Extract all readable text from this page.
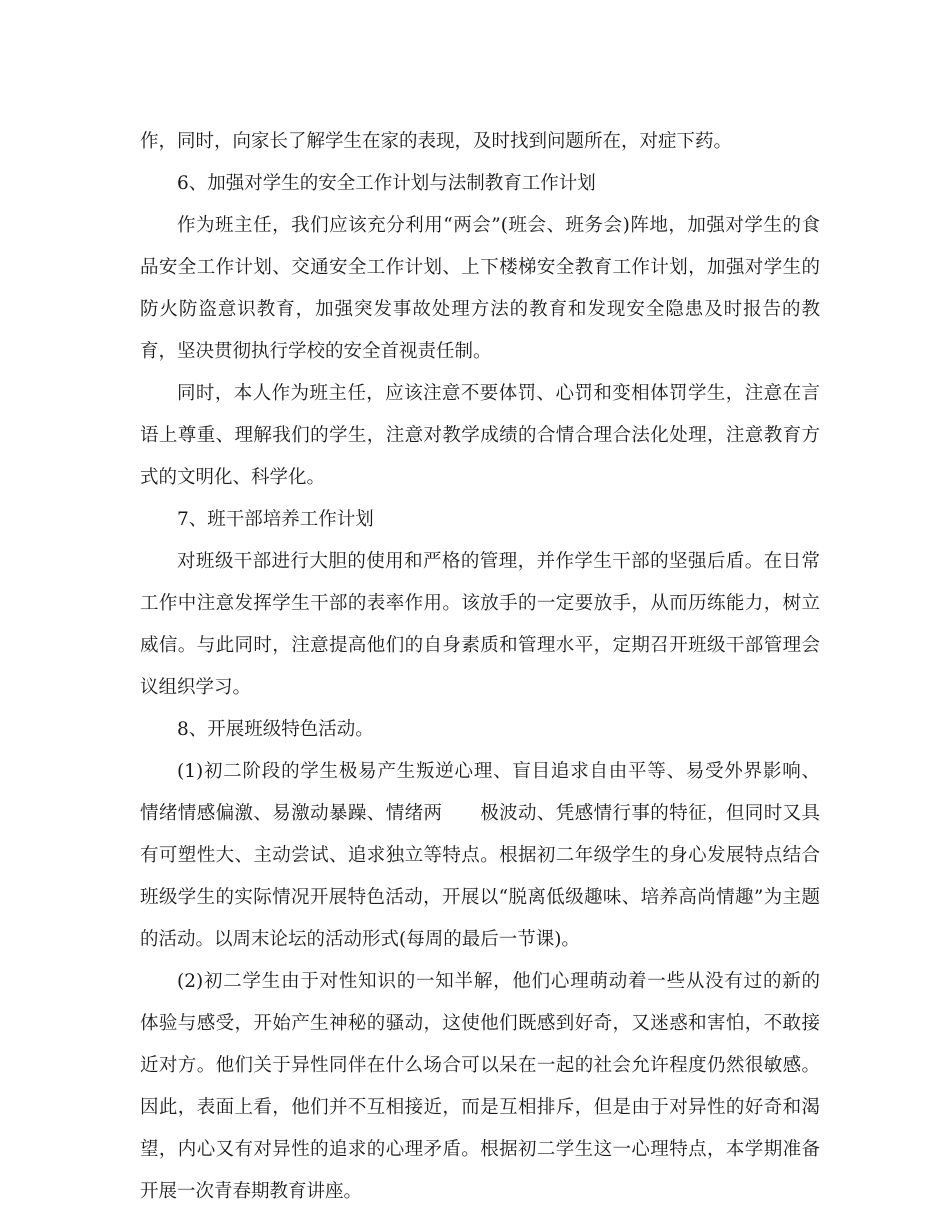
作，同时，向家长了解学生在家的表现，及时找到问题所在，对症下药。
6、加强对学生的安全工作计划与法制教育工作计划
作为班主任，我们应该充分利用“两会”(班会、班务会)阵地，加强对学生的食
品安全工作计划、交通安全工作计划、上下楼梯安全教育工作计划，加强对学生的
防火防盗意识教育，加强突发事故处理方法的教育和发现安全隐患及时报告的教
育，坚决贯彻执行学校的安全首视责任制。
同时，本人作为班主任，应该注意不要体罚、心罚和变相体罚学生，注意在言
语上尊重、理解我们的学生，注意对教学成绩的合情合理合法化处理，注意教育方
式的文明化、科学化。
7、班干部培养工作计划
对班级干部进行大胆的使用和严格的管理，并作学生干部的坚强后盾。在日常
工作中注意发挥学生干部的表率作用。该放手的一定要放手，从而历练能力，树立
威信。与此同时，注意提高他们的自身素质和管理水平，定期召开班级干部管理会
议组织学习。
8、开展班级特色活动。
(1)初二阶段的学生极易产生叛逆心理、盲目追求自由平等、易受外界影响、
情绪情感偏激、易激动暴躁、情绪两　　极波动、凭感情行事的特征，但同时又具
有可塑性大、主动尝试、追求独立等特点。根据初二年级学生的身心发展特点结合
班级学生的实际情况开展特色活动，开展以“脱离低级趣味、培养高尚情趣”为主题
的活动。以周末论坛的活动形式(每周的最后一节课)。
(2)初二学生由于对性知识的一知半解，他们心理萌动着一些从没有过的新的
体验与感受，开始产生神秘的骚动，这使他们既感到好奇，又迷惑和害怕，不敢接
近对方。他们关于异性同伴在什么场合可以呆在一起的社会允许程度仍然很敏感。
因此，表面上看，他们并不互相接近，而是互相排斥，但是由于对异性的好奇和渴
望，内心又有对异性的追求的心理矛盾。根据初二学生这一心理特点，本学期准备
开展一次青春期教育讲座。
